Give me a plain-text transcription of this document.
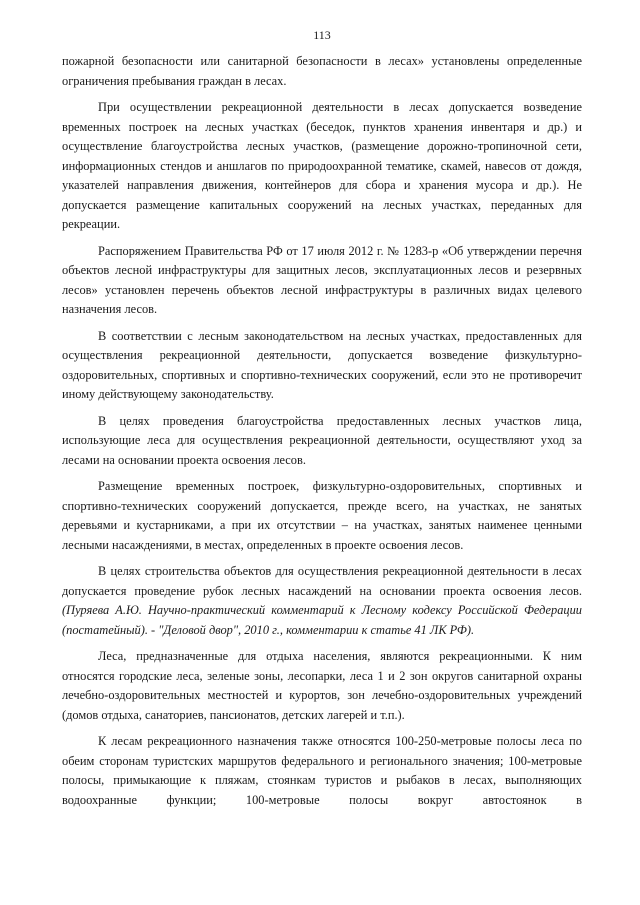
113

пожарной безопасности или санитарной безопасности в лесах» установлены определенные ограничения пребывания граждан в лесах.

При осуществлении рекреационной деятельности в лесах допускается возведение временных построек на лесных участках (беседок, пунктов хранения инвентаря и др.) и осуществление благоустройства лесных участков, (размещение дорожно-тропиночной сети, информационных стендов и аншлагов по природоохранной тематике, скамей, навесов от дождя, указателей направления движения, контейнеров для сбора и хранения мусора и др.). Не допускается размещение капитальных сооружений на лесных участках, переданных для рекреации.

Распоряжением Правительства РФ от 17 июля 2012 г. № 1283-р «Об утверждении перечня объектов лесной инфраструктуры для защитных лесов, эксплуатационных лесов и резервных лесов» установлен перечень объектов лесной инфраструктуры в различных видах целевого назначения лесов.

В соответствии с лесным законодательством на лесных участках, предоставленных для осуществления рекреационной деятельности, допускается возведение физкультурно-оздоровительных, спортивных и спортивно-технических сооружений, если это не противоречит иному действующему законодательству.

В целях проведения благоустройства предоставленных лесных участков лица, использующие леса для осуществления рекреационной деятельности, осуществляют уход за лесами на основании проекта освоения лесов.

Размещение временных построек, физкультурно-оздоровительных, спортивных и спортивно-технических сооружений допускается, прежде всего, на участках, не занятых деревьями и кустарниками, а при их отсутствии – на участках, занятых наименее ценными лесными насаждениями, в местах, определенных в проекте освоения лесов.

В целях строительства объектов для осуществления рекреационной деятельности в лесах допускается проведение рубок лесных насаждений на основании проекта освоения лесов. (Пуряева А.Ю. Научно-практический комментарий к Лесному кодексу Российской Федерации (постатейный). - "Деловой двор", 2010 г., комментарии к статье 41 ЛК РФ).

Леса, предназначенные для отдыха населения, являются рекреационными. К ним относятся городские леса, зеленые зоны, лесопарки, леса 1 и 2 зон округов санитарной охраны лечебно-оздоровительных местностей и курортов, зон лечебно-оздоровительных учреждений (домов отдыха, санаториев, пансионатов, детских лагерей и т.п.).

К лесам рекреационного назначения также относятся 100-250-метровые полосы леса по обеим сторонам туристских маршрутов федерального и регионального значения; 100-метровые полосы, примыкающие к пляжам, стоянкам туристов и рыбаков в лесах, выполняющих водоохранные функции; 100-метровые полосы вокруг автостоянок в
